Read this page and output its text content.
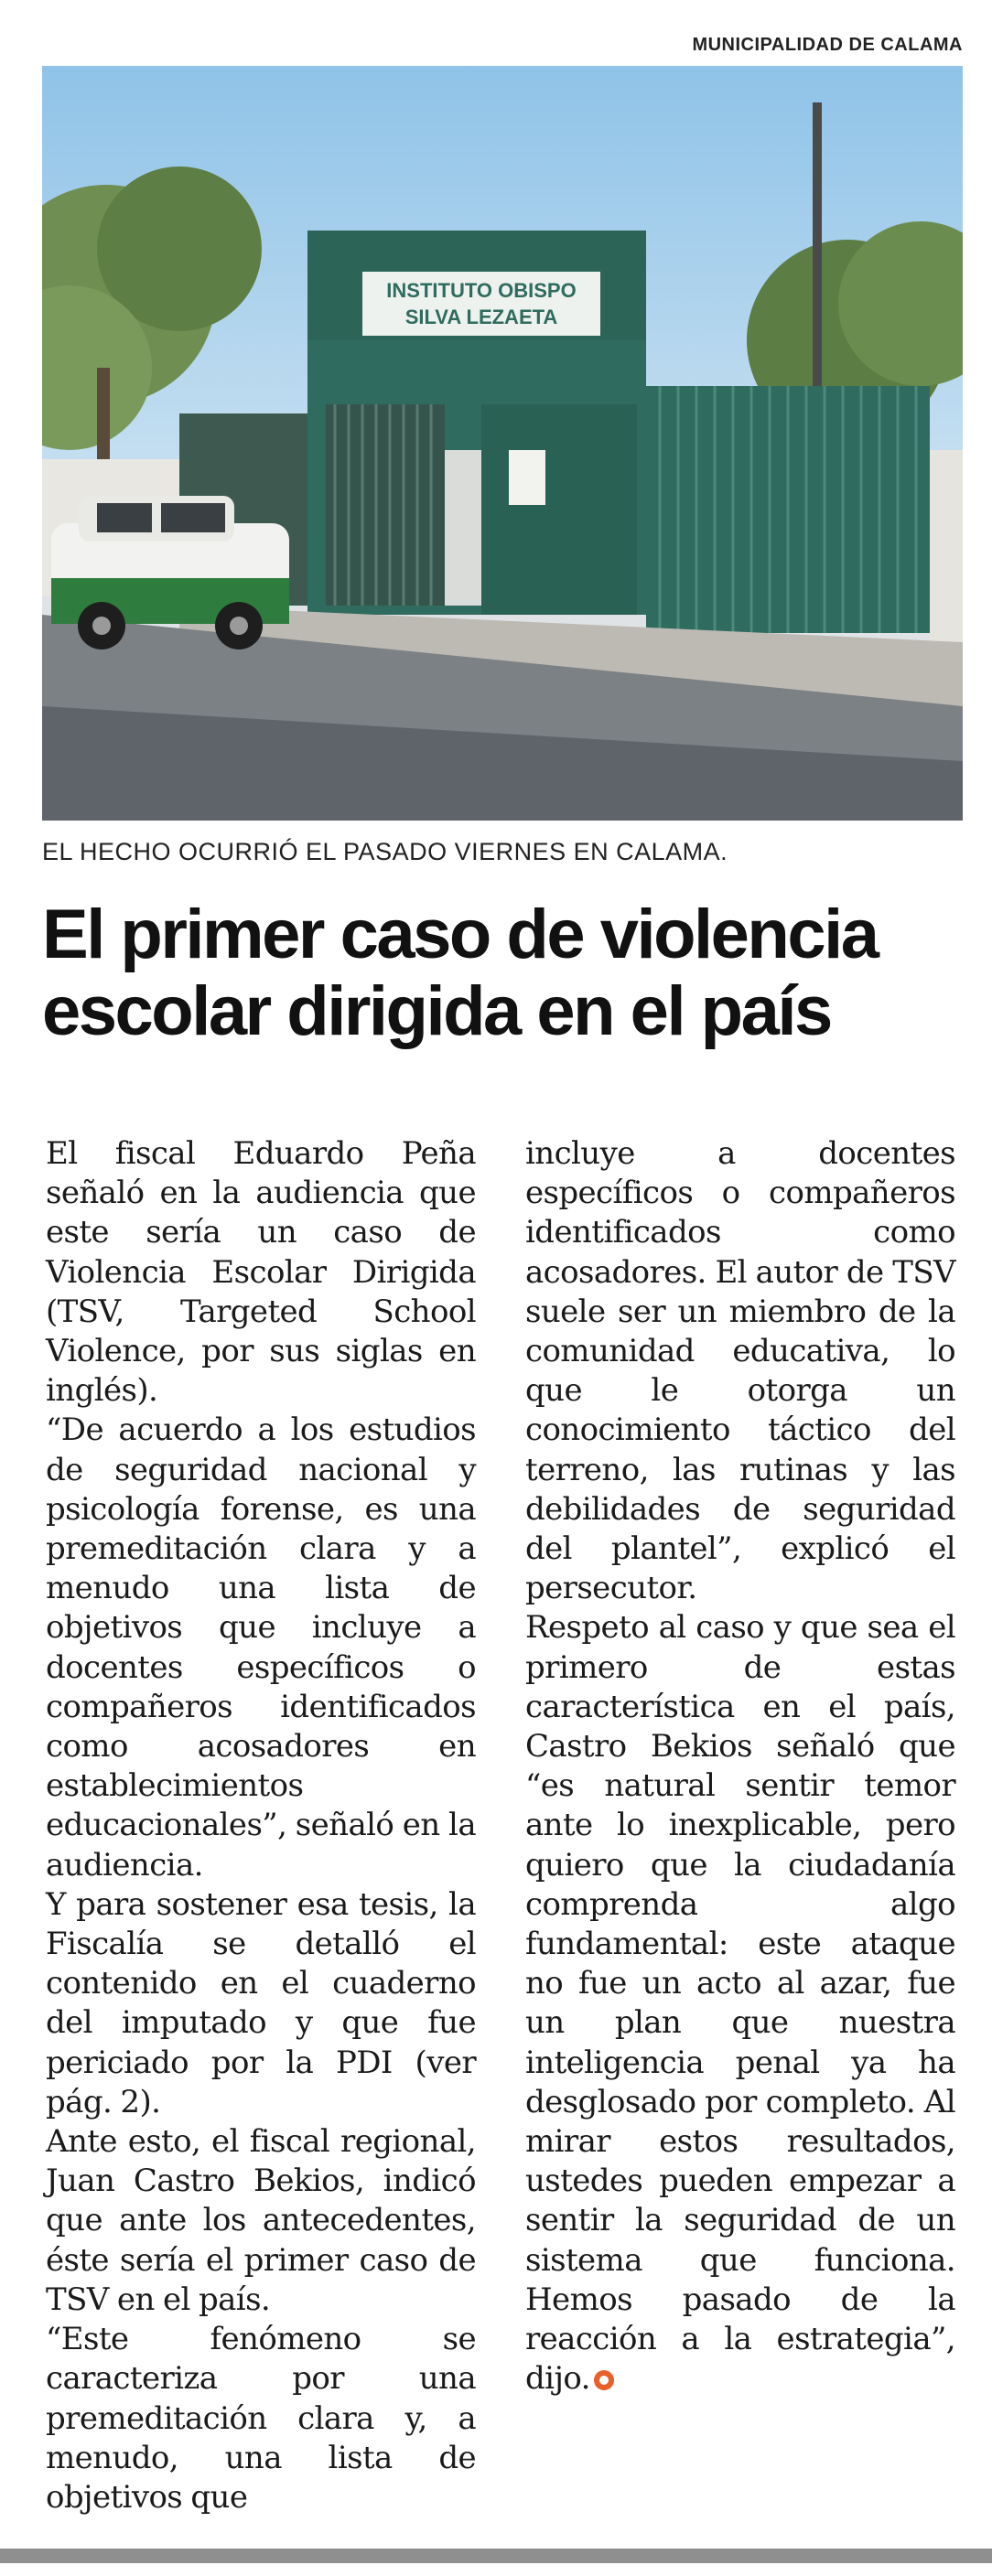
MUNICIPALIDAD DE CALAMA
INSTITUTO OBISPO
SILVA LEZAETA
EL HECHO OCURRIÓ EL PASADO VIERNES EN CALAMA.
El primer caso de violencia escolar dirigida en el país

El fiscal Eduardo Peña señaló en la audiencia que este sería un caso de Violencia Escolar Dirigida (TSV, Targeted School Violence, por sus siglas en inglés).

“De acuerdo a los estudios de seguridad nacional y psicología forense, es una premeditación clara y a menudo una lista de objetivos que incluye a docentes específicos o compañeros identificados como acosadores en establecimientos educacionales”, señaló en la audiencia.

Y para sostener esa tesis, la Fiscalía se detalló el contenido en el cuaderno del imputado y que fue periciado por la PDI (ver pág. 2).

Ante esto, el fiscal regional, Juan Castro Bekios, indicó que ante los antecedentes, éste sería el primer caso de TSV en el país.

“Este fenómeno se caracteriza por una premeditación clara y, a menudo, una lista de objetivos que

incluye a docentes específicos o compañeros identificados como acosadores. El autor de TSV suele ser un miembro de la comunidad educativa, lo que le otorga un conocimiento táctico del terreno, las rutinas y las debilidades de seguridad del plantel”, explicó el persecutor.

Respeto al caso y que sea el primero de estas característica en el país, Castro Bekios señaló que “es natural sentir temor ante lo inexplicable, pero quiero que la ciudadanía comprenda algo fundamental: este ataque no fue un acto al azar, fue un plan que nuestra inteligencia penal ya ha desglosado por completo. Al mirar estos resultados, ustedes pueden empezar a sentir la seguridad de un sistema que funciona. Hemos pasado de la reacción a la estrategia”, dijo.
